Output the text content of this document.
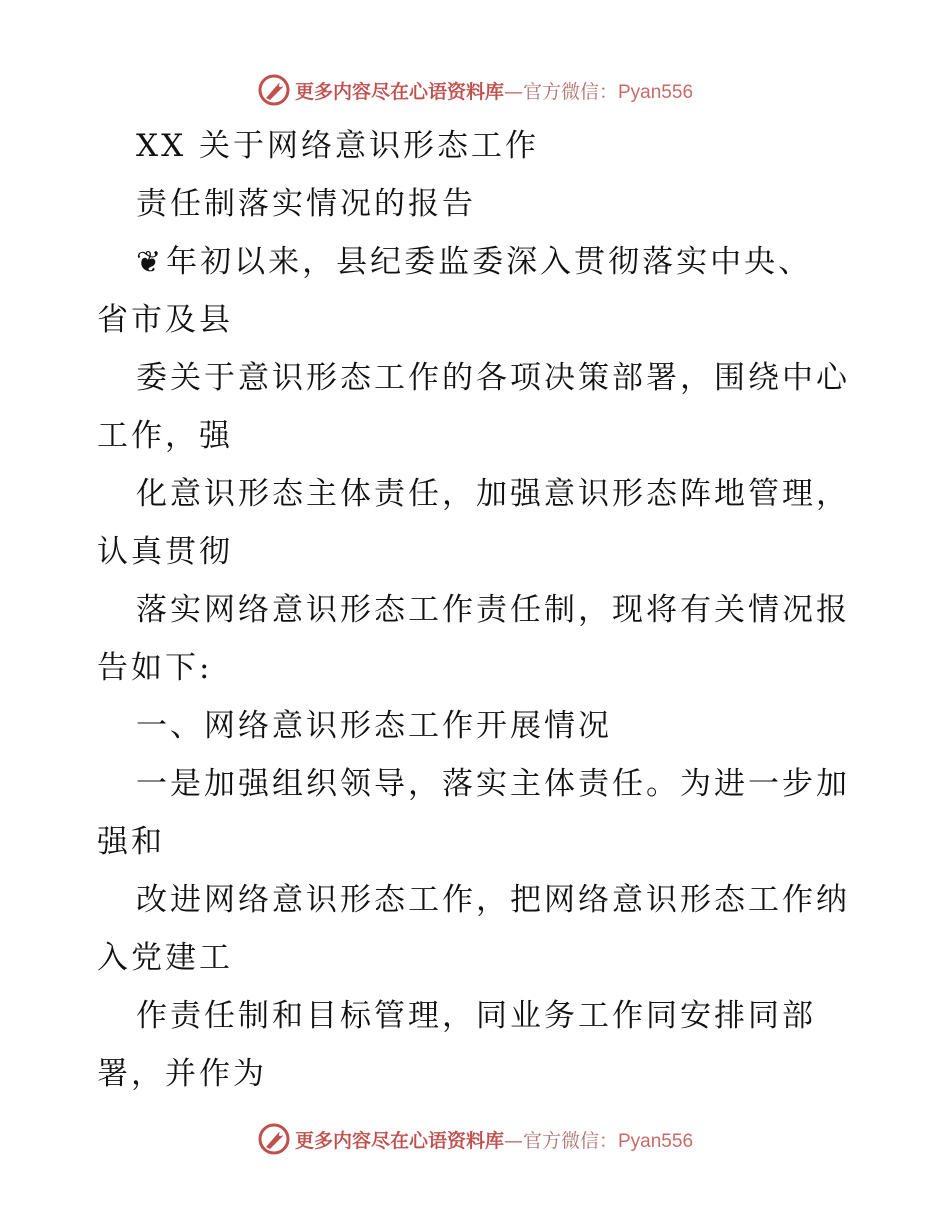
更多内容尽在心语资料库—官方微信：Pyan556
XX 关于网络意识形态工作
责任制落实情况的报告
❦年初以来，县纪委监委深入贯彻落实中央、
省市及县
委关于意识形态工作的各项决策部署，围绕中心
工作，强
化意识形态主体责任，加强意识形态阵地管理，
认真贯彻
落实网络意识形态工作责任制，现将有关情况报
告如下:
一、网络意识形态工作开展情况
一是加强组织领导，落实主体责任。为进一步加
强和
改进网络意识形态工作，把网络意识形态工作纳
入党建工
作责任制和目标管理，同业务工作同安排同部
署，并作为
更多内容尽在心语资料库—官方微信：Pyan556
